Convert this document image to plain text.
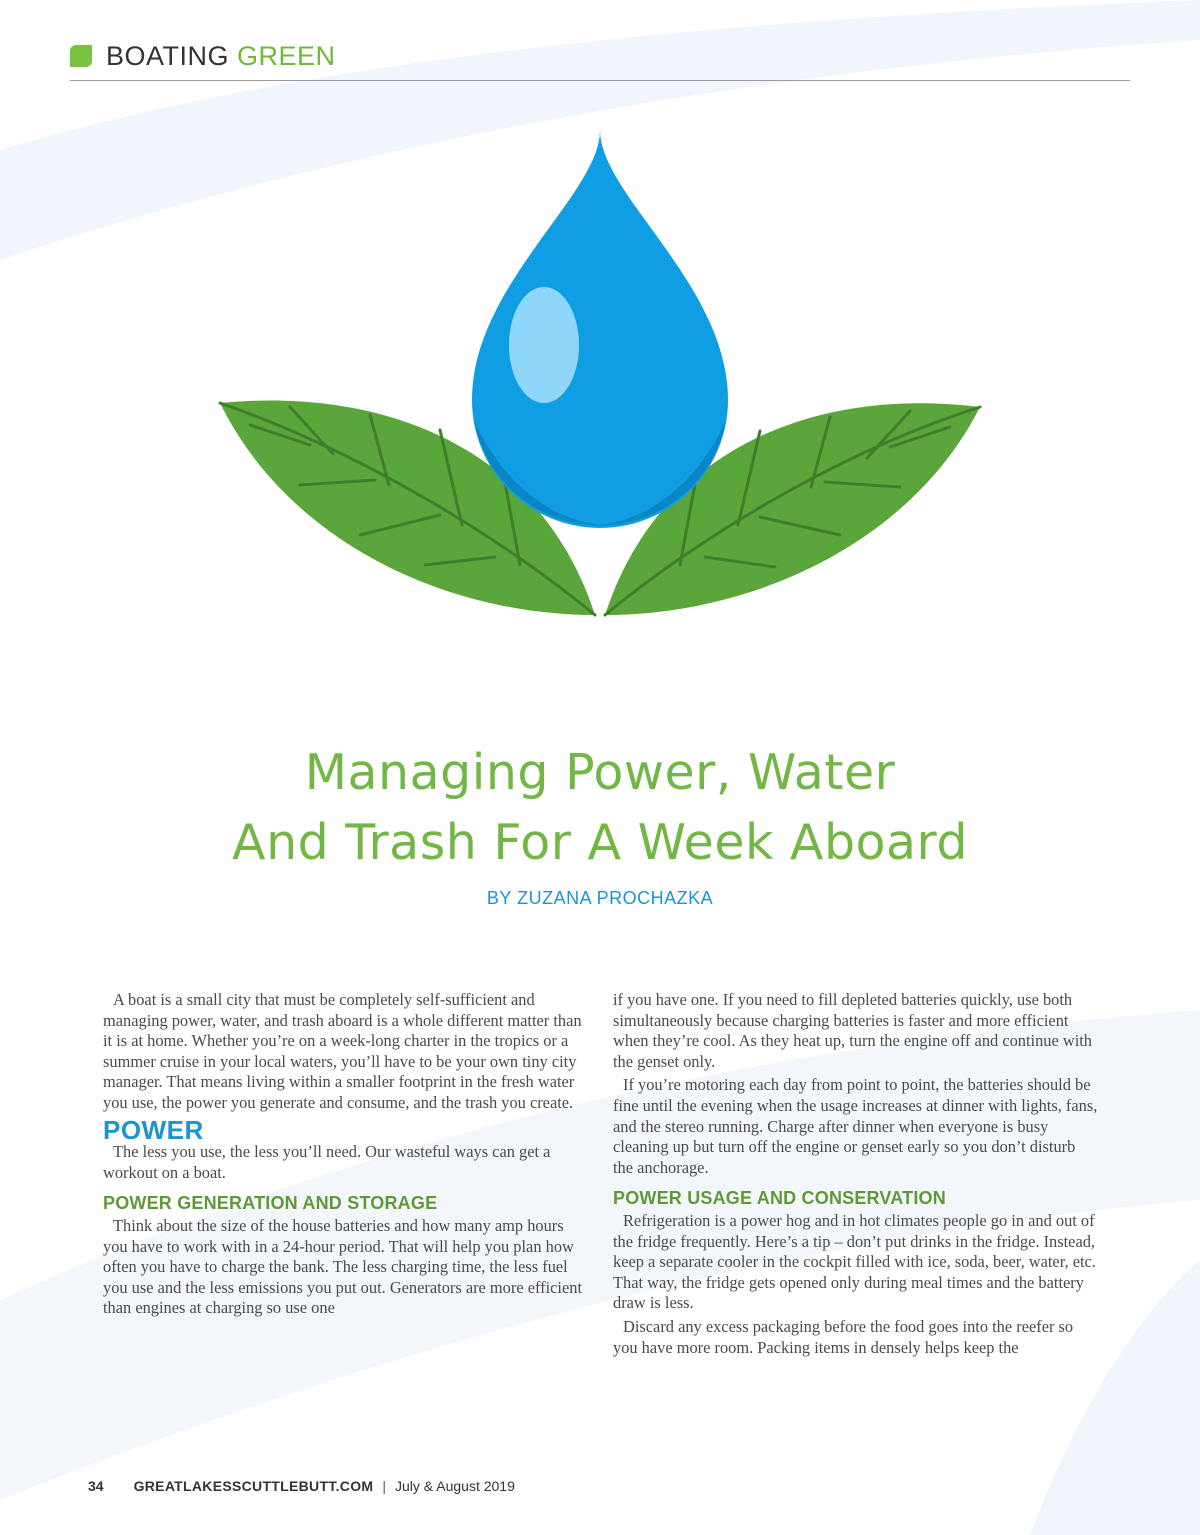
BOATING GREEN
Managing Power, Water
And Trash For A Week Aboard
BY ZUZANA PROCHAZKA

A boat is a small city that must be completely self-sufficient and managing power, water, and trash aboard is a whole different matter than it is at home. Whether you’re on a week-long charter in the tropics or a summer cruise in your local waters, you’ll have to be your own tiny city manager. That means living within a smaller footprint in the fresh water you use, the power you generate and consume, and the trash you create.

POWER

The less you use, the less you’ll need. Our wasteful ways can get a workout on a boat.

POWER GENERATION AND STORAGE

Think about the size of the house batteries and how many amp hours you have to work with in a 24-hour period. That will help you plan how often you have to charge the bank. The less charging time, the less fuel you use and the less emissions you put out. Generators are more efficient than engines at charging so use one

if you have one. If you need to fill depleted batteries quickly, use both simultaneously because charging batteries is faster and more efficient when they’re cool. As they heat up, turn the engine off and continue with the genset only.

If you’re motoring each day from point to point, the batteries should be fine until the evening when the usage increases at dinner with lights, fans, and the stereo running. Charge after dinner when everyone is busy cleaning up but turn off the engine or genset early so you don’t disturb the anchorage.

POWER USAGE AND CONSERVATION

Refrigeration is a power hog and in hot climates people go in and out of the fridge frequently. Here’s a tip – don’t put drinks in the fridge. Instead, keep a separate cooler in the cockpit filled with ice, soda, beer, water, etc. That way, the fridge gets opened only during meal times and the battery draw is less.

Discard any excess packaging before the food goes into the reefer so you have more room. Packing items in densely helps keep the

34 GREATLAKESSCUTTLEBUTT.COM | July & August 2019
